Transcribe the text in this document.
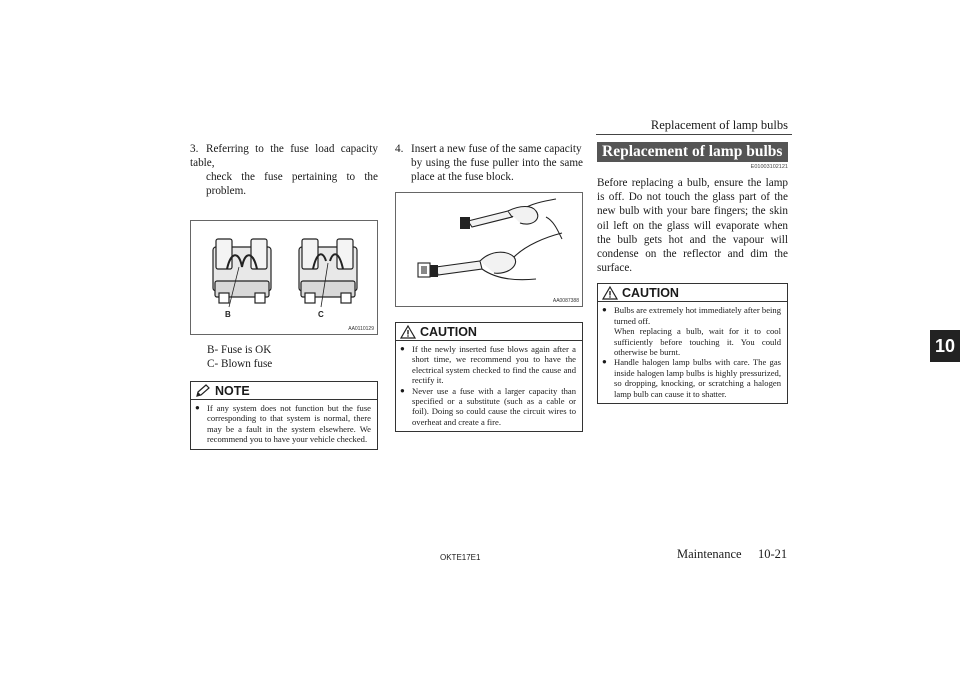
Replacement of lamp bulbs
10
3. Referring to the fuse load capacity table,
check the fuse pertaining to the problem.
B	C
AA0110129
B- Fuse is OK
C- Blown fuse
NOTE
● If any system does not function but the fuse corresponding to that system is normal, there may be a fault in the system elsewhere. We recommend you to have your vehicle checked.
4. Insert a new fuse of the same capacity
by using the fuse puller into the same place at the fuse block.
AA0087388
CAUTION
● If the newly inserted fuse blows again after a short time, we recommend you to have the electrical system checked to find the cause and rectify it.
● Never use a fuse with a larger capacity than specified or a substitute (such as a cable or foil). Doing so could cause the circuit wires to overheat and create a fire.
Replacement of lamp bulbs
E01003102121
Before replacing a bulb, ensure the lamp is off. Do not touch the glass part of the new bulb with your bare fingers; the skin oil left on the glass will evaporate when the bulb gets hot and the vapour will condense on the reflector and dim the surface.
CAUTION
● Bulbs are extremely hot immediately after being turned off.
When replacing a bulb, wait for it to cool sufficiently before touching it. You could otherwise be burnt.
● Handle halogen lamp bulbs with care. The gas inside halogen lamp bulbs is highly pressurized, so dropping, knocking, or scratching a halogen lamp bulb can cause it to shatter.
OKTE17E1	Maintenance 10-21
